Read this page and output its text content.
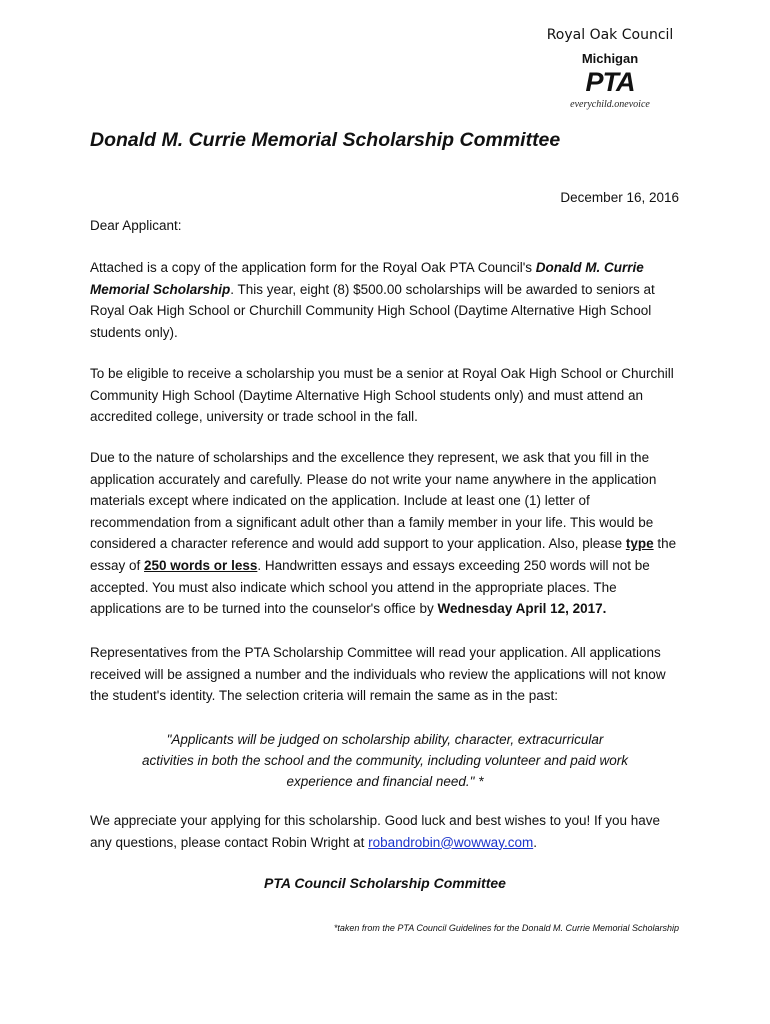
Royal Oak Council
Michigan
PTA
everychild.onevoice
Donald M. Currie Memorial Scholarship Committee
December 16, 2016
Dear Applicant:

Attached is a copy of the application form for the Royal Oak PTA Council's Donald M. Currie Memorial Scholarship. This year, eight (8) $500.00 scholarships will be awarded to seniors at Royal Oak High School or Churchill Community High School (Daytime Alternative High School students only).

To be eligible to receive a scholarship you must be a senior at Royal Oak High School or Churchill Community High School (Daytime Alternative High School students only) and must attend an accredited college, university or trade school in the fall.

Due to the nature of scholarships and the excellence they represent, we ask that you fill in the application accurately and carefully. Please do not write your name anywhere in the application materials except where indicated on the application. Include at least one (1) letter of recommendation from a significant adult other than a family member in your life. This would be considered a character reference and would add support to your application. Also, please type the essay of 250 words or less. Handwritten essays and essays exceeding 250 words will not be accepted. You must also indicate which school you attend in the appropriate places. The applications are to be turned into the counselor's office by Wednesday April 12, 2017.

Representatives from the PTA Scholarship Committee will read your application. All applications received will be assigned a number and the individuals who review the applications will not know the student's identity. The selection criteria will remain the same as in the past:

"Applicants will be judged on scholarship ability, character, extracurricular activities in both the school and the community, including volunteer and paid work experience and financial need." *

We appreciate your applying for this scholarship. Good luck and best wishes to you! If you have any questions, please contact Robin Wright at robandrobin@wowway.com.

PTA Council Scholarship Committee
*taken from the PTA Council Guidelines for the Donald M. Currie Memorial Scholarship
